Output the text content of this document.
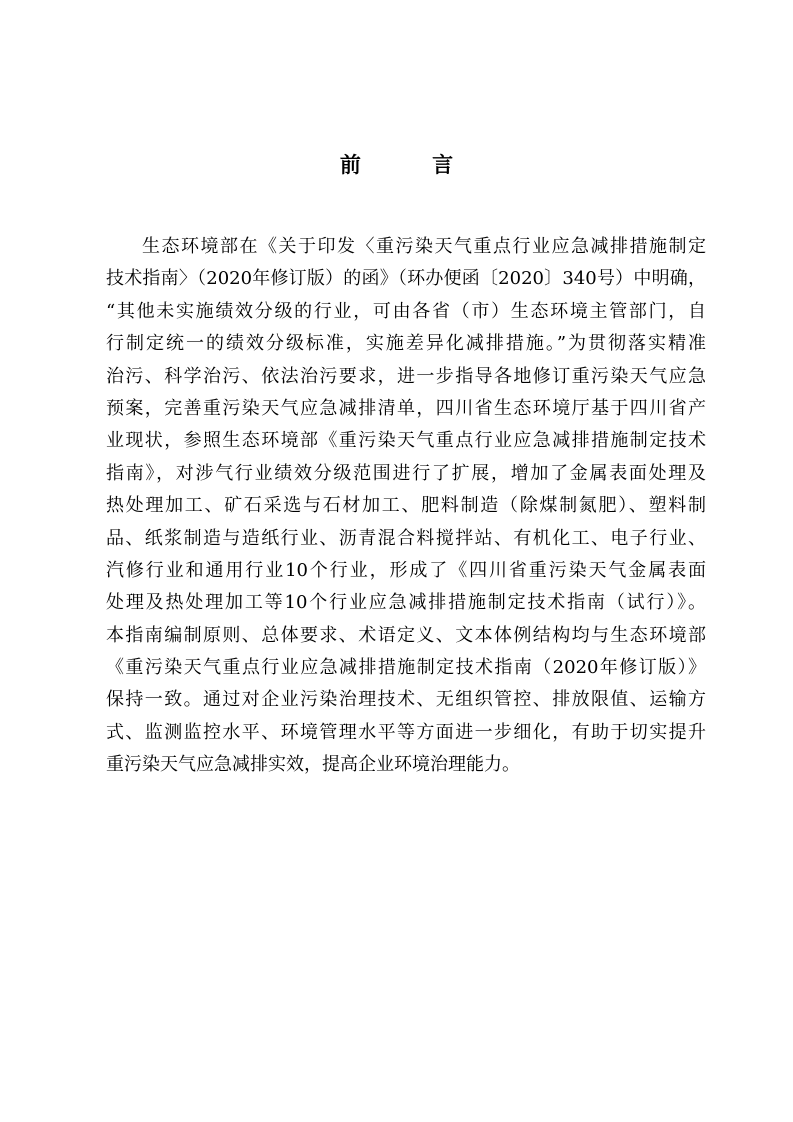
前 言
生态环境部在《关于印发〈重污染天气重点行业应急减排措施制定
技术指南〉（2020年修订版）的函》（环办便函〔2020〕340号）中明确，
“其他未实施绩效分级的行业，可由各省（市）生态环境主管部门，自
行制定统一的绩效分级标准，实施差异化减排措施。”为贯彻落实精准
治污、科学治污、依法治污要求，进一步指导各地修订重污染天气应急
预案，完善重污染天气应急减排清单，四川省生态环境厅基于四川省产
业现状，参照生态环境部《重污染天气重点行业应急减排措施制定技术
指南》，对涉气行业绩效分级范围进行了扩展，增加了金属表面处理及
热处理加工、矿石采选与石材加工、肥料制造（除煤制氮肥）、塑料制
品、纸浆制造与造纸行业、沥青混合料搅拌站、有机化工、电子行业、
汽修行业和通用行业10个行业，形成了《四川省重污染天气金属表面
处理及热处理加工等10个行业应急减排措施制定技术指南（试行）》。
本指南编制原则、总体要求、术语定义、文本体例结构均与生态环境部
《重污染天气重点行业应急减排措施制定技术指南（2020年修订版）》
保持一致。通过对企业污染治理技术、无组织管控、排放限值、运输方
式、监测监控水平、环境管理水平等方面进一步细化，有助于切实提升
重污染天气应急减排实效，提高企业环境治理能力。
